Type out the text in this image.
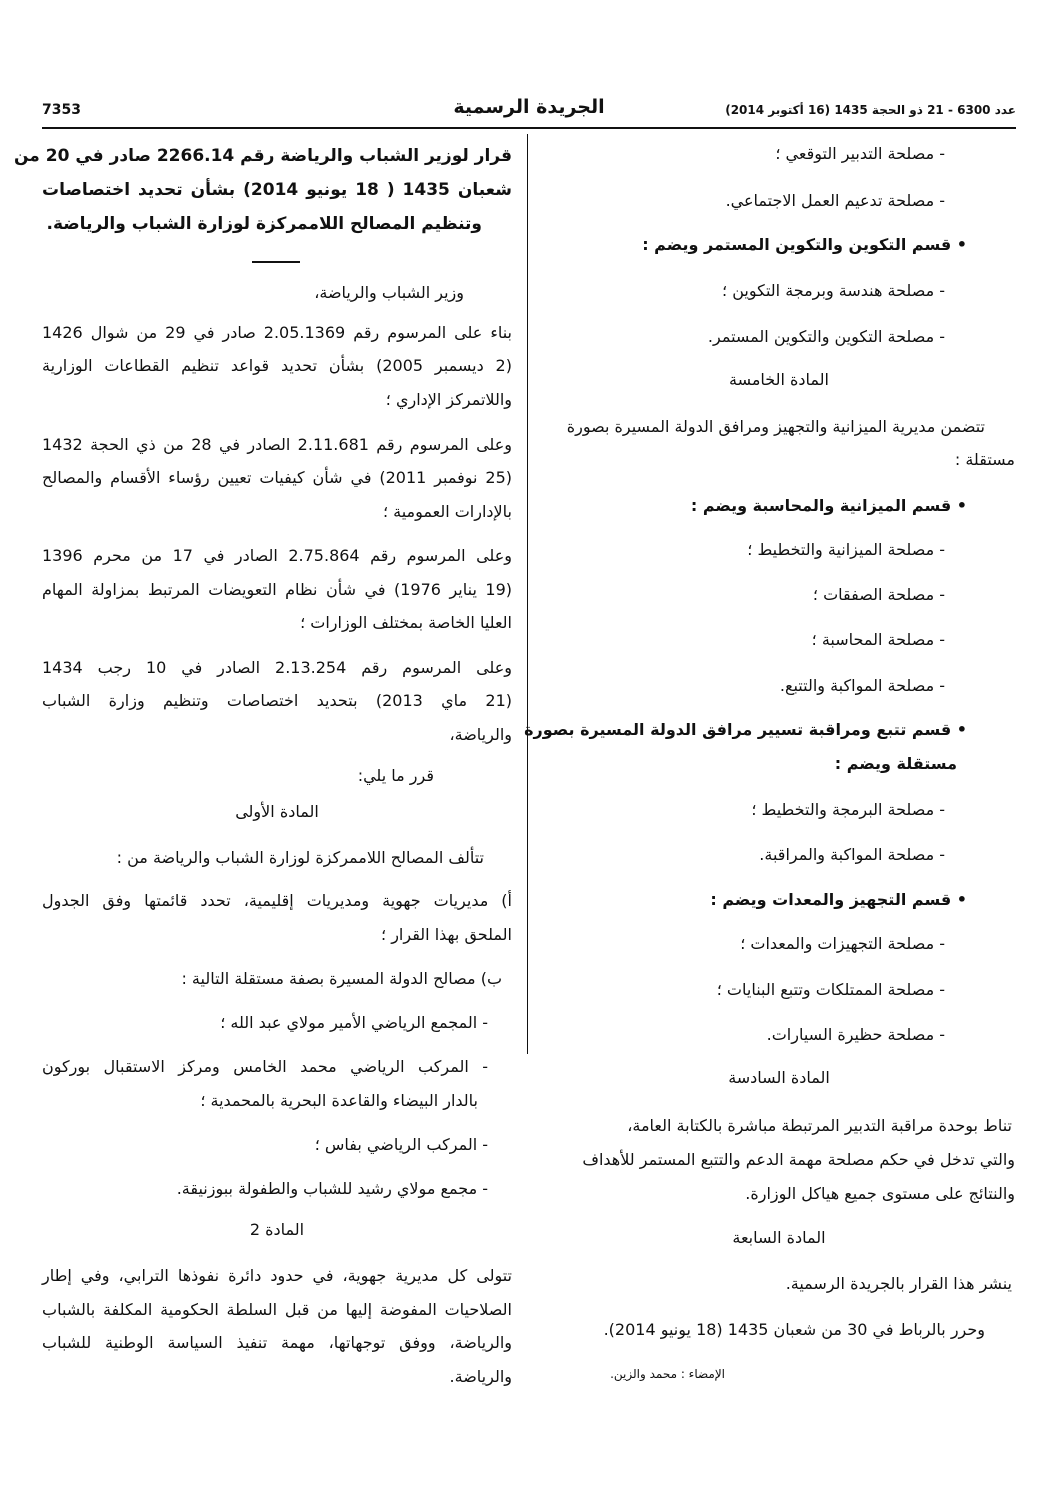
7353	الجريدة الرسمية	عدد 6300 - 21 ذو الحجة 1435 (16 أكتوبر 2014)
- مصلحة التدبير التوقعي ؛
- مصلحة تدعيم العمل الاجتماعي.
• قسم التكوين والتكوين المستمر ويضم :
- مصلحة هندسة وبرمجة التكوين ؛
- مصلحة التكوين والتكوين المستمر.
المادة الخامسة
تتضمن مديرية الميزانية والتجهيز ومرافق الدولة المسيرة بصورة
مستقلة :
• قسم الميزانية والمحاسبة ويضم :
- مصلحة الميزانية والتخطيط ؛
- مصلحة الصفقات ؛
- مصلحة المحاسبة ؛
- مصلحة المواكبة والتتبع.
• قسم تتبع ومراقبة تسيير مرافق الدولة المسيرة بصورة
مستقلة ويضم :
- مصلحة البرمجة والتخطيط ؛
- مصلحة المواكبة والمراقبة.
• قسم التجهيز والمعدات ويضم :
- مصلحة التجهيزات والمعدات ؛
- مصلحة الممتلكات وتتبع البنايات ؛
- مصلحة حظيرة السيارات.
المادة السادسة
تناط بوحدة مراقبة التدبير المرتبطة مباشرة بالكتابة العامة،
والتي تدخل في حكم مصلحة مهمة الدعم والتتبع المستمر للأهداف
والنتائج على مستوى جميع هياكل الوزارة.
المادة السابعة
ينشر هذا القرار بالجريدة الرسمية.
وحرر بالرباط في 30 من شعبان 1435 (18 يونيو 2014).
الإمضاء : محمد والزين.
قرار لوزير الشباب والرياضة رقم 2266.14 صادر في 20 من
شعبان 1435 ( 18 يونيو 2014) بشأن تحديد اختصاصات
وتنظيم المصالح اللاممركزة لوزارة الشباب والرياضة.
وزير الشباب والرياضة،
بناء على المرسوم رقم 2.05.1369 صادر في 29 من شوال 1426
(2 ديسمبر 2005) بشأن تحديد قواعد تنظيم القطاعات الوزارية
واللاتمركز الإداري ؛
وعلى المرسوم رقم 2.11.681 الصادر في 28 من ذي الحجة 1432
(25 نوفمبر 2011) في شأن كيفيات تعيين رؤساء الأقسام والمصالح
بالإدارات العمومية ؛
وعلى المرسوم رقم 2.75.864 الصادر في 17 من محرم 1396
(19 يناير 1976) في شأن نظام التعويضات المرتبط بمزاولة المهام
العليا الخاصة بمختلف الوزارات ؛
وعلى المرسوم رقم 2.13.254 الصادر في 10 رجب 1434
(21 ماي 2013) بتحديد اختصاصات وتنظيم وزارة الشباب
والرياضة،
قرر ما يلي:
المادة الأولى
تتألف المصالح اللاممركزة لوزارة الشباب والرياضة من :
أ) مديريات جهوية ومديريات إقليمية، تحدد قائمتها وفق الجدول
الملحق بهذا القرار ؛
ب) مصالح الدولة المسيرة بصفة مستقلة التالية :
- المجمع الرياضي الأمير مولاي عبد الله ؛
- المركب الرياضي محمد الخامس ومركز الاستقبال بوركون
بالدار البيضاء والقاعدة البحرية بالمحمدية ؛
- المركب الرياضي بفاس ؛
- مجمع مولاي رشيد للشباب والطفولة ببوزنيقة.
المادة 2
تتولى كل مديرية جهوية، في حدود دائرة نفوذها الترابي، وفي إطار
الصلاحيات المفوضة إليها من قبل السلطة الحكومية المكلفة بالشباب
والرياضة، ووفق توجهاتها، مهمة تنفيذ السياسة الوطنية للشباب
والرياضة.
